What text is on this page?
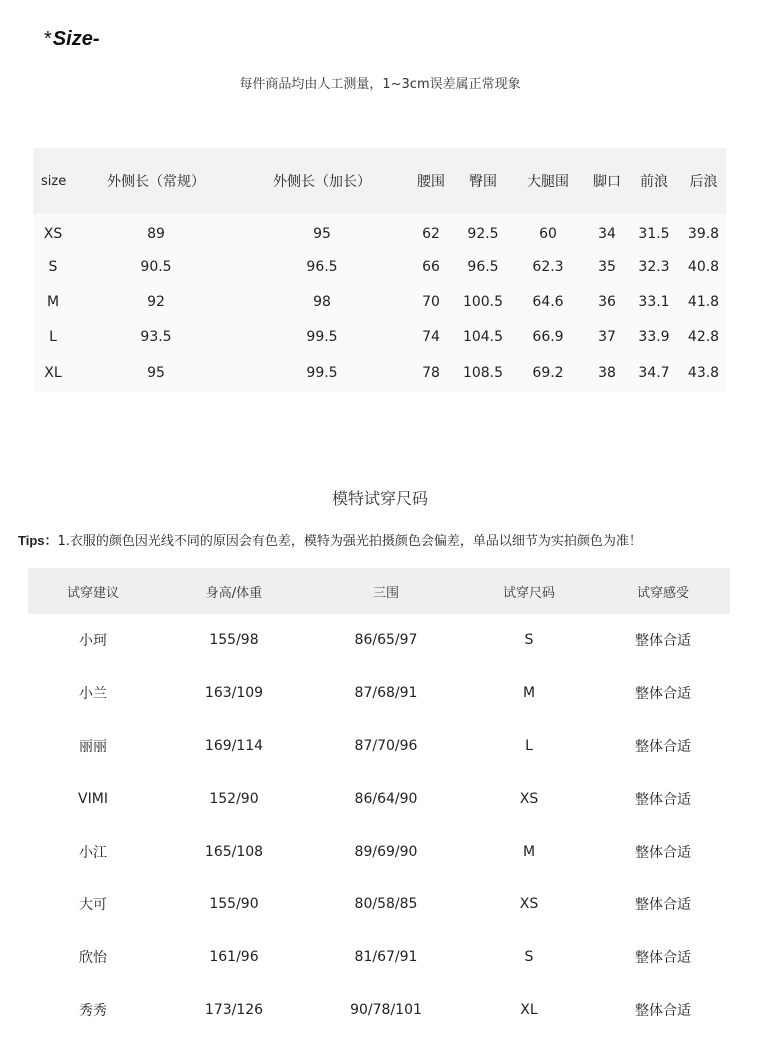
*Size-
每件商品均由人工测量，1~3cm误差属正常现象
size	外侧长（常规）	外侧长（加长）	腰围	臀围	大腿围	脚口	前浪	后浪
XS	89	95	62	92.5	60	34	31.5	39.8
S	90.5	96.5	66	96.5	62.3	35	32.3	40.8
M	92	98	70	100.5	64.6	36	33.1	41.8
L	93.5	99.5	74	104.5	66.9	37	33.9	42.8
XL	95	99.5	78	108.5	69.2	38	34.7	43.8
模特试穿尺码
Tips：1.衣服的颜色因光线不同的原因会有色差，模特为强光拍摄颜色会偏差，单品以细节为实拍颜色为准！
试穿建议	身高/体重	三围	试穿尺码	试穿感受
小珂	155/98	86/65/97	S	整体合适
小兰	163/109	87/68/91	M	整体合适
丽丽	169/114	87/70/96	L	整体合适
VIMI	152/90	86/64/90	XS	整体合适
小江	165/108	89/69/90	M	整体合适
大可	155/90	80/58/85	XS	整体合适
欣怡	161/96	81/67/91	S	整体合适
秀秀	173/126	90/78/101	XL	整体合适
